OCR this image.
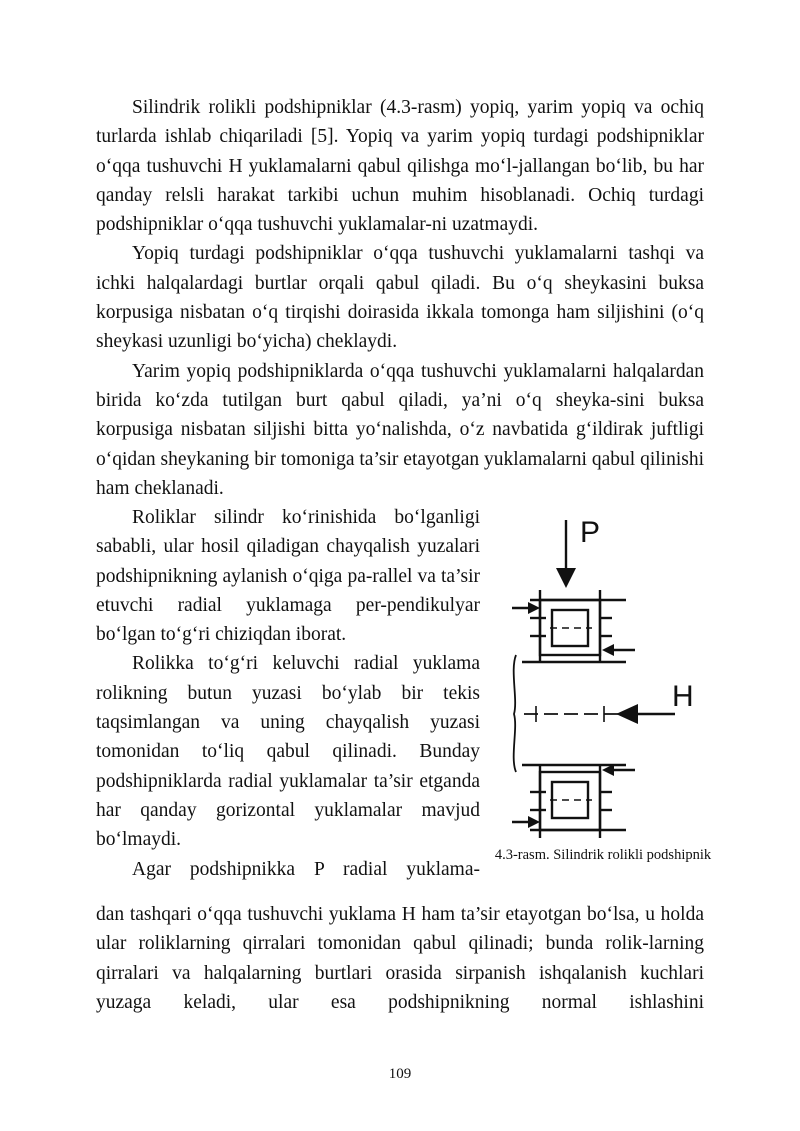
Silindrik rolikli podshipniklar (4.3-rasm) yopiq, yarim yopiq va ochiq turlarda ishlab chiqariladi [5]. Yopiq va yarim yopiq turdagi podshipniklar o‘qqa tushuvchi H yuklamalarni qabul qilishga mo‘l-jallangan bo‘lib, bu har qanday relsli harakat tarkibi uchun muhim hisoblanadi. Ochiq turdagi podshipniklar o‘qqa tushuvchi yuklamalar-ni uzatmaydi.

Yopiq turdagi podshipniklar o‘qqa tushuvchi yuklamalarni tashqi va ichki halqalardagi burtlar orqali qabul qiladi. Bu o‘q sheykasini buksa korpusiga nisbatan o‘q tirqishi doirasida ikkala tomonga ham siljishini (o‘q sheykasi uzunligi bo‘yicha) cheklaydi.

Yarim yopiq podshipniklarda o‘qqa tushuvchi yuklamalarni halqalardan birida ko‘zda tutilgan burt qabul qiladi, ya’ni o‘q sheyka-sini buksa korpusiga nisbatan siljishi bitta yo‘nalishda, o‘z navbatida g‘ildirak juftligi o‘qidan sheykaning bir tomoniga ta’sir etayotgan yuklamalarni qabul qilinishi ham cheklanadi.

Roliklar silindr ko‘rinishida bo‘lganligi sababli, ular hosil qiladigan chayqalish yuzalari podshipnikning aylanish o‘qiga pa-rallel va ta’sir etuvchi radial yuklamaga per-pendikulyar bo‘lgan to‘g‘ri chiziqdan iborat.

Rolikka to‘g‘ri keluvchi radial yuklama rolikning butun yuzasi bo‘ylab bir tekis taqsimlangan va uning chayqalish yuzasi tomonidan to‘liq qabul qilinadi. Bunday podshipniklarda radial yuklamalar ta’sir etganda har qanday gorizontal yuklamalar mavjud bo‘lmaydi.

Agar podshipnikka P radial yuklama-

P
H
4.3-rasm. Silindrik rolikli podshipnik

dan tashqari o‘qqa tushuvchi yuklama H ham ta’sir etayotgan bo‘lsa, u holda ular roliklarning qirralari tomonidan qabul qilinadi; bunda rolik-larning qirralari va halqalarning burtlari orasida sirpanish ishqalanish kuchlari yuzaga keladi, ular esa podshipnikning normal ishlashini

109
